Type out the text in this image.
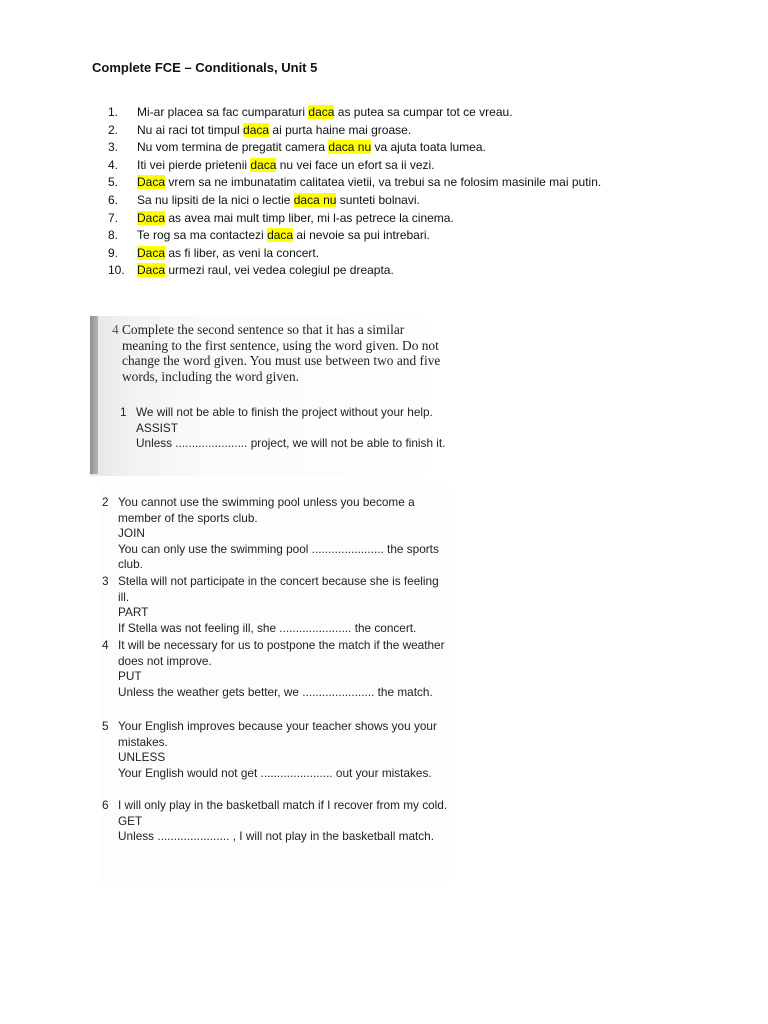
Complete FCE – Conditionals, Unit 5
1.	Mi-ar placea sa fac cumparaturi daca as putea sa cumpar tot ce vreau.
2.	Nu ai raci tot timpul daca ai purta haine mai groase.
3.	Nu vom termina de pregatit camera daca nu va ajuta toata lumea.
4.	Iti vei pierde prietenii daca nu vei face un efort sa ii vezi.
5.	Daca vrem sa ne imbunatatim calitatea vietii, va trebui sa ne folosim masinile mai putin.
6.	Sa nu lipsiti de la nici o lectie daca nu sunteti bolnavi.
7.	Daca as avea mai mult timp liber, mi l-as petrece la cinema.
8.	Te rog sa ma contactezi daca ai nevoie sa pui intrebari.
9.	Daca as fi liber, as veni la concert.
10.	Daca urmezi raul, vei vedea colegiul pe dreapta.
4 Complete the second sentence so that it has a similar meaning to the first sentence, using the word given. Do not change the word given. You must use between two and five words, including the word given.
1 We will not be able to finish the project without your help.
ASSIST
Unless ...................... project, we will not be able to finish it.
2 You cannot use the swimming pool unless you become a member of the sports club.
JOIN
You can only use the swimming pool ...................... the sports club.
3 Stella will not participate in the concert because she is feeling ill.
PART
If Stella was not feeling ill, she ...................... the concert.
4 It will be necessary for us to postpone the match if the weather does not improve.
PUT
Unless the weather gets better, we ...................... the match.
5 Your English improves because your teacher shows you your mistakes.
UNLESS
Your English would not get ...................... out your mistakes.
6 I will only play in the basketball match if I recover from my cold.
GET
Unless ...................... , I will not play in the basketball match.
